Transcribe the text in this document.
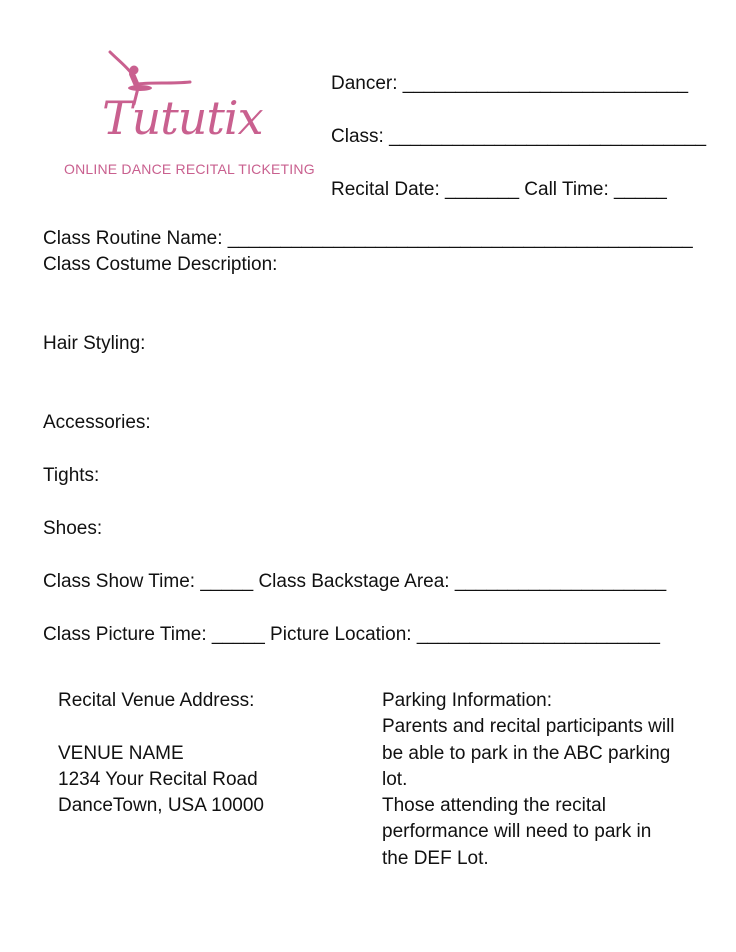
Tututix
ONLINE DANCE RECITAL TICKETING
Dancer: ___________________________
Class: ______________________________
Recital Date: _______ Call Time: _____
Class Routine Name: ____________________________________________
Class Costume Description:
Hair Styling:
Accessories:
Tights:
Shoes:
Class Show Time: _____ Class Backstage Area: ____________________
Class Picture Time: _____ Picture Location: _______________________
Recital Venue Address:
VENUE NAME
1234 Your Recital Road
DanceTown, USA 10000
Parking Information:
Parents and recital participants will
be able to park in the ABC parking
lot.
Those attending the recital
performance will need to park in
the DEF Lot.
